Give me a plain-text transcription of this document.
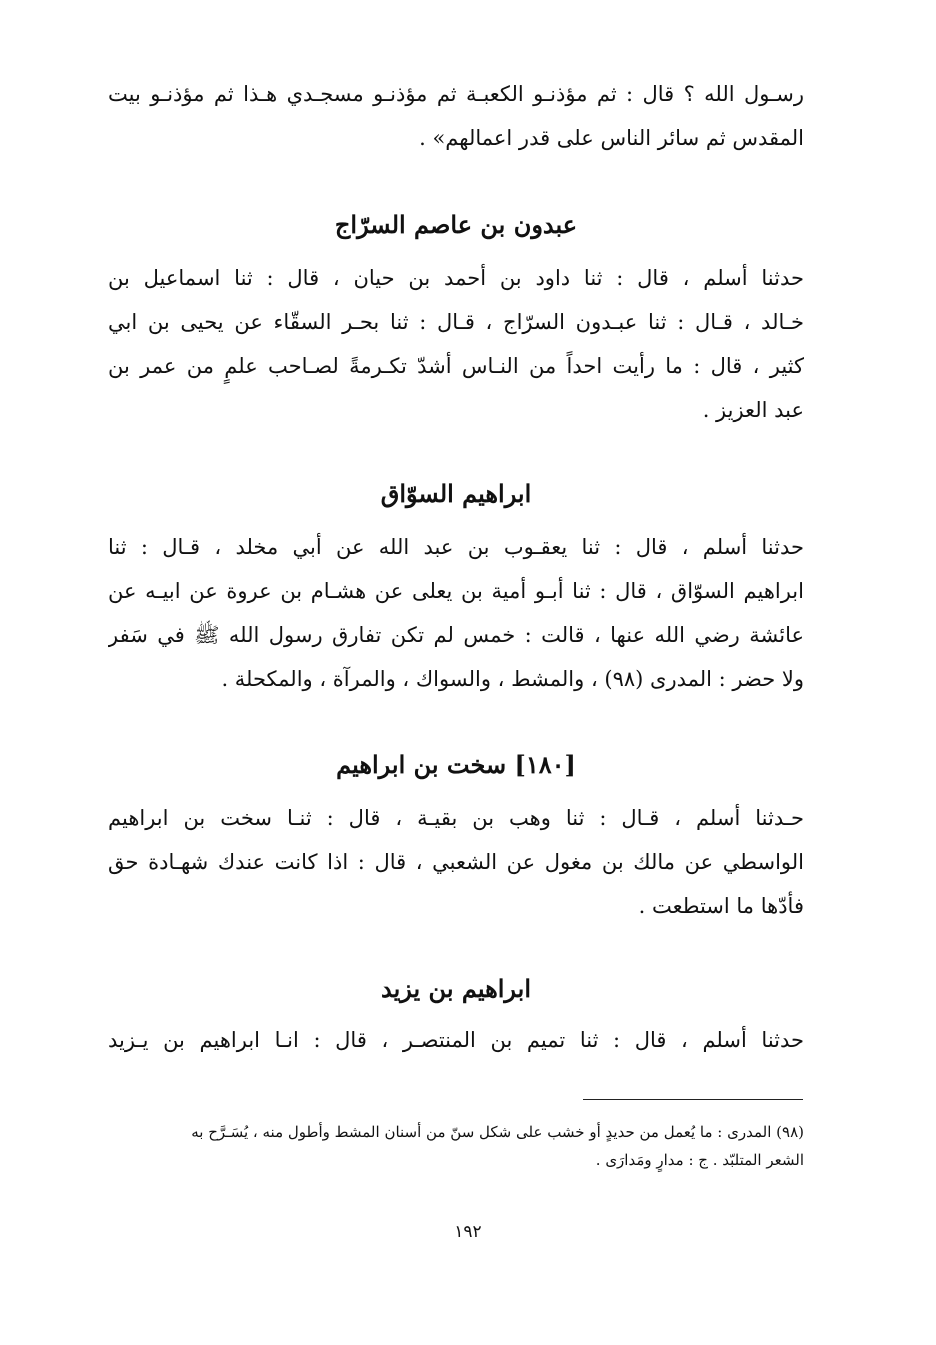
رسـول الله ؟ قال : ثم مؤذنـو الكعبـة ثم مؤذنـو مسجـدي هـذا ثم مؤذنـو بيت
المقدس ثم سائر الناس على قدر اعمالهم» .
عبدون بن عاصم السرّاج
حدثنا أسلم ، قال : ثنا داود بن أحمد بن حيان ، قال : ثنا اسماعيل بن
خـالد ، قـال : ثنا عبـدون السرّاج ، قـال : ثنا بحـر السقّاء عن يحيى بن ابي
كثير ، قال : ما رأيت احداً من النـاس أشدّ تكـرمةً لصـاحب علمٍ من عمر بن
عبد العزيز .
ابراهيم السوّاق
حدثنا أسلم ، قال : ثنا يعقـوب بن عبد الله عن أبي مخلد ، قـال : ثنا
ابراهيم السوّاق ، قال : ثنا أبـو أمية بن يعلى عن هشـام بن عروة عن ابيـه عن
عائشة رضي الله عنها ، قالت : خمس لم تكن تفارق رسول الله ﷺ في سَفر
ولا حضر : المدرى (٩٨) ، والمشط ، والسواك ، والمرآة ، والمكحلة .
[١٨٠] سخت بن ابراهيم
حـدثنا أسلم ، قـال : ثنا وهب بن بقيـة ، قال : ثنـا سخت بن ابراهيم
الواسطي عن مالك بن مغول عن الشعبي ، قال : اذا كانت عندك شهـادة حق
فأدّها ما استطعت .
ابراهيم بن يزيد
حدثنا أسلم ، قال : ثنا تميم بن المنتصـر ، قال : انـا ابراهيم بن يـزيد
(٩٨) المدرى : ما يُعمل من حديدٍ أو خشب على شكل سنّ من أسنان المشط وأطول منه ، يُسَـرَّح به
الشعر المتلبّد . ج : مدارٍ ومَدارَى .
١٩٢
